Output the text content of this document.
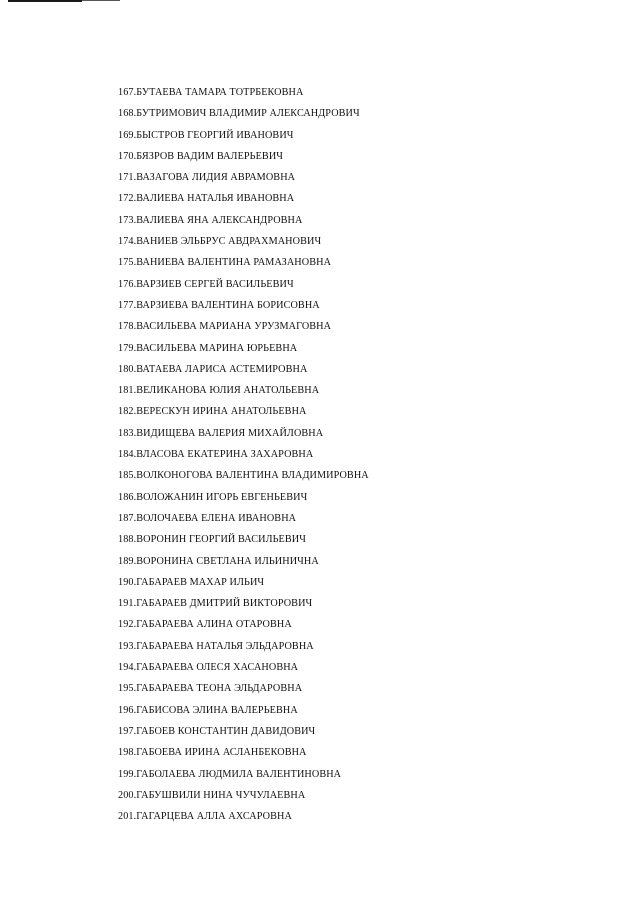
167.БУТАЕВА ТАМАРА ТОТРБЕКОВНА
168.БУТРИМОВИЧ ВЛАДИМИР АЛЕКСАНДРОВИЧ
169.БЫСТРОВ ГЕОРГИЙ ИВАНОВИЧ
170.БЯЗРОВ ВАДИМ ВАЛЕРЬЕВИЧ
171.ВАЗАГОВА ЛИДИЯ АВРАМОВНА
172.ВАЛИЕВА НАТАЛЬЯ ИВАНОВНА
173.ВАЛИЕВА ЯНА АЛЕКСАНДРОВНА
174.ВАНИЕВ ЭЛЬБРУС АВДРАХМАНОВИЧ
175.ВАНИЕВА ВАЛЕНТИНА РАМАЗАНОВНА
176.ВАРЗИЕВ СЕРГЕЙ ВАСИЛЬЕВИЧ
177.ВАРЗИЕВА ВАЛЕНТИНА БОРИСОВНА
178.ВАСИЛЬЕВА МАРИАНА УРУЗМАГОВНА
179.ВАСИЛЬЕВА МАРИНА ЮРЬЕВНА
180.ВАТАЕВА ЛАРИСА АСТЕМИРОВНА
181.ВЕЛИКАНОВА ЮЛИЯ АНАТОЛЬЕВНА
182.ВЕРЕСКУН ИРИНА АНАТОЛЬЕВНА
183.ВИДИЩЕВА ВАЛЕРИЯ МИХАЙЛОВНА
184.ВЛАСОВА ЕКАТЕРИНА ЗАХАРОВНА
185.ВОЛКОНОГОВА ВАЛЕНТИНА ВЛАДИМИРОВНА
186.ВОЛОЖАНИН ИГОРЬ ЕВГЕНЬЕВИЧ
187.ВОЛОЧАЕВА ЕЛЕНА ИВАНОВНА
188.ВОРОНИН ГЕОРГИЙ ВАСИЛЬЕВИЧ
189.ВОРОНИНА СВЕТЛАНА ИЛЬИНИЧНА
190.ГАБАРАЕВ МАХАР ИЛЬИЧ
191.ГАБАРАЕВ ДМИТРИЙ ВИКТОРОВИЧ
192.ГАБАРАЕВА АЛИНА ОТАРОВНА
193.ГАБАРАЕВА НАТАЛЬЯ ЭЛЬДАРОВНА
194.ГАБАРАЕВА ОЛЕСЯ ХАСАНОВНА
195.ГАБАРАЕВА ТЕОНА ЭЛЬДАРОВНА
196.ГАБИСОВА ЭЛИНА ВАЛЕРЬЕВНА
197.ГАБОЕВ КОНСТАНТИН ДАВИДОВИЧ
198.ГАБОЕВА ИРИНА АСЛАНБЕКОВНА
199.ГАБОЛАЕВА ЛЮДМИЛА ВАЛЕНТИНОВНА
200.ГАБУШВИЛИ НИНА ЧУЧУЛАЕВНА
201.ГАГАРЦЕВА АЛЛА АХСАРОВНА
